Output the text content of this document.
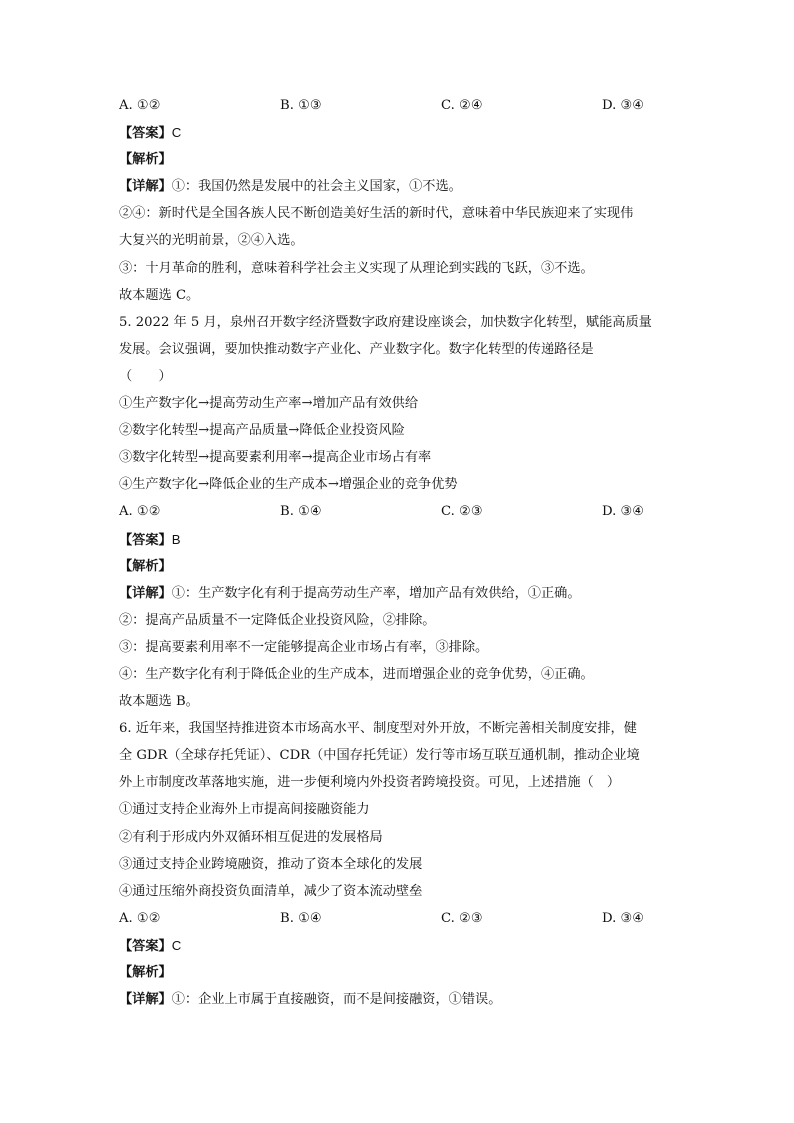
A. ①②	B. ①③	C. ②④	D. ③④
【答案】C
【解析】
【详解】①：我国仍然是发展中的社会主义国家，①不选。
②④：新时代是全国各族人民不断创造美好生活的新时代，意味着中华民族迎来了实现伟
大复兴的光明前景，②④入选。
③：十月革命的胜利，意味着科学社会主义实现了从理论到实践的飞跃，③不选。
故本题选 C。
5. 2022 年 5 月，泉州召开数字经济暨数字政府建设座谈会，加快数字化转型，赋能高质量
发展。会议强调，要加快推动数字产业化、产业数字化。数字化转型的传递路径是
（　　）
①生产数字化→提高劳动生产率→增加产品有效供给
②数字化转型→提高产品质量→降低企业投资风险
③数字化转型→提高要素利用率→提高企业市场占有率
④生产数字化→降低企业的生产成本→增强企业的竞争优势
A. ①②	B. ①④	C. ②③	D. ③④
【答案】B
【解析】
【详解】①：生产数字化有利于提高劳动生产率，增加产品有效供给，①正确。
②：提高产品质量不一定降低企业投资风险，②排除。
③：提高要素利用率不一定能够提高企业市场占有率，③排除。
④：生产数字化有利于降低企业的生产成本，进而增强企业的竞争优势，④正确。
故本题选 B。
6. 近年来，我国坚持推进资本市场高水平、制度型对外开放，不断完善相关制度安排，健
全 GDR（全球存托凭证）、CDR（中国存托凭证）发行等市场互联互通机制，推动企业境
外上市制度改革落地实施，进一步便利境内外投资者跨境投资。可见，上述措施（　）
①通过支持企业海外上市提高间接融资能力
②有利于形成内外双循环相互促进的发展格局
③通过支持企业跨境融资，推动了资本全球化的发展
④通过压缩外商投资负面清单，减少了资本流动壁垒
A. ①②	B. ①④	C. ②③	D. ③④
【答案】C
【解析】
【详解】①：企业上市属于直接融资，而不是间接融资，①错误。
